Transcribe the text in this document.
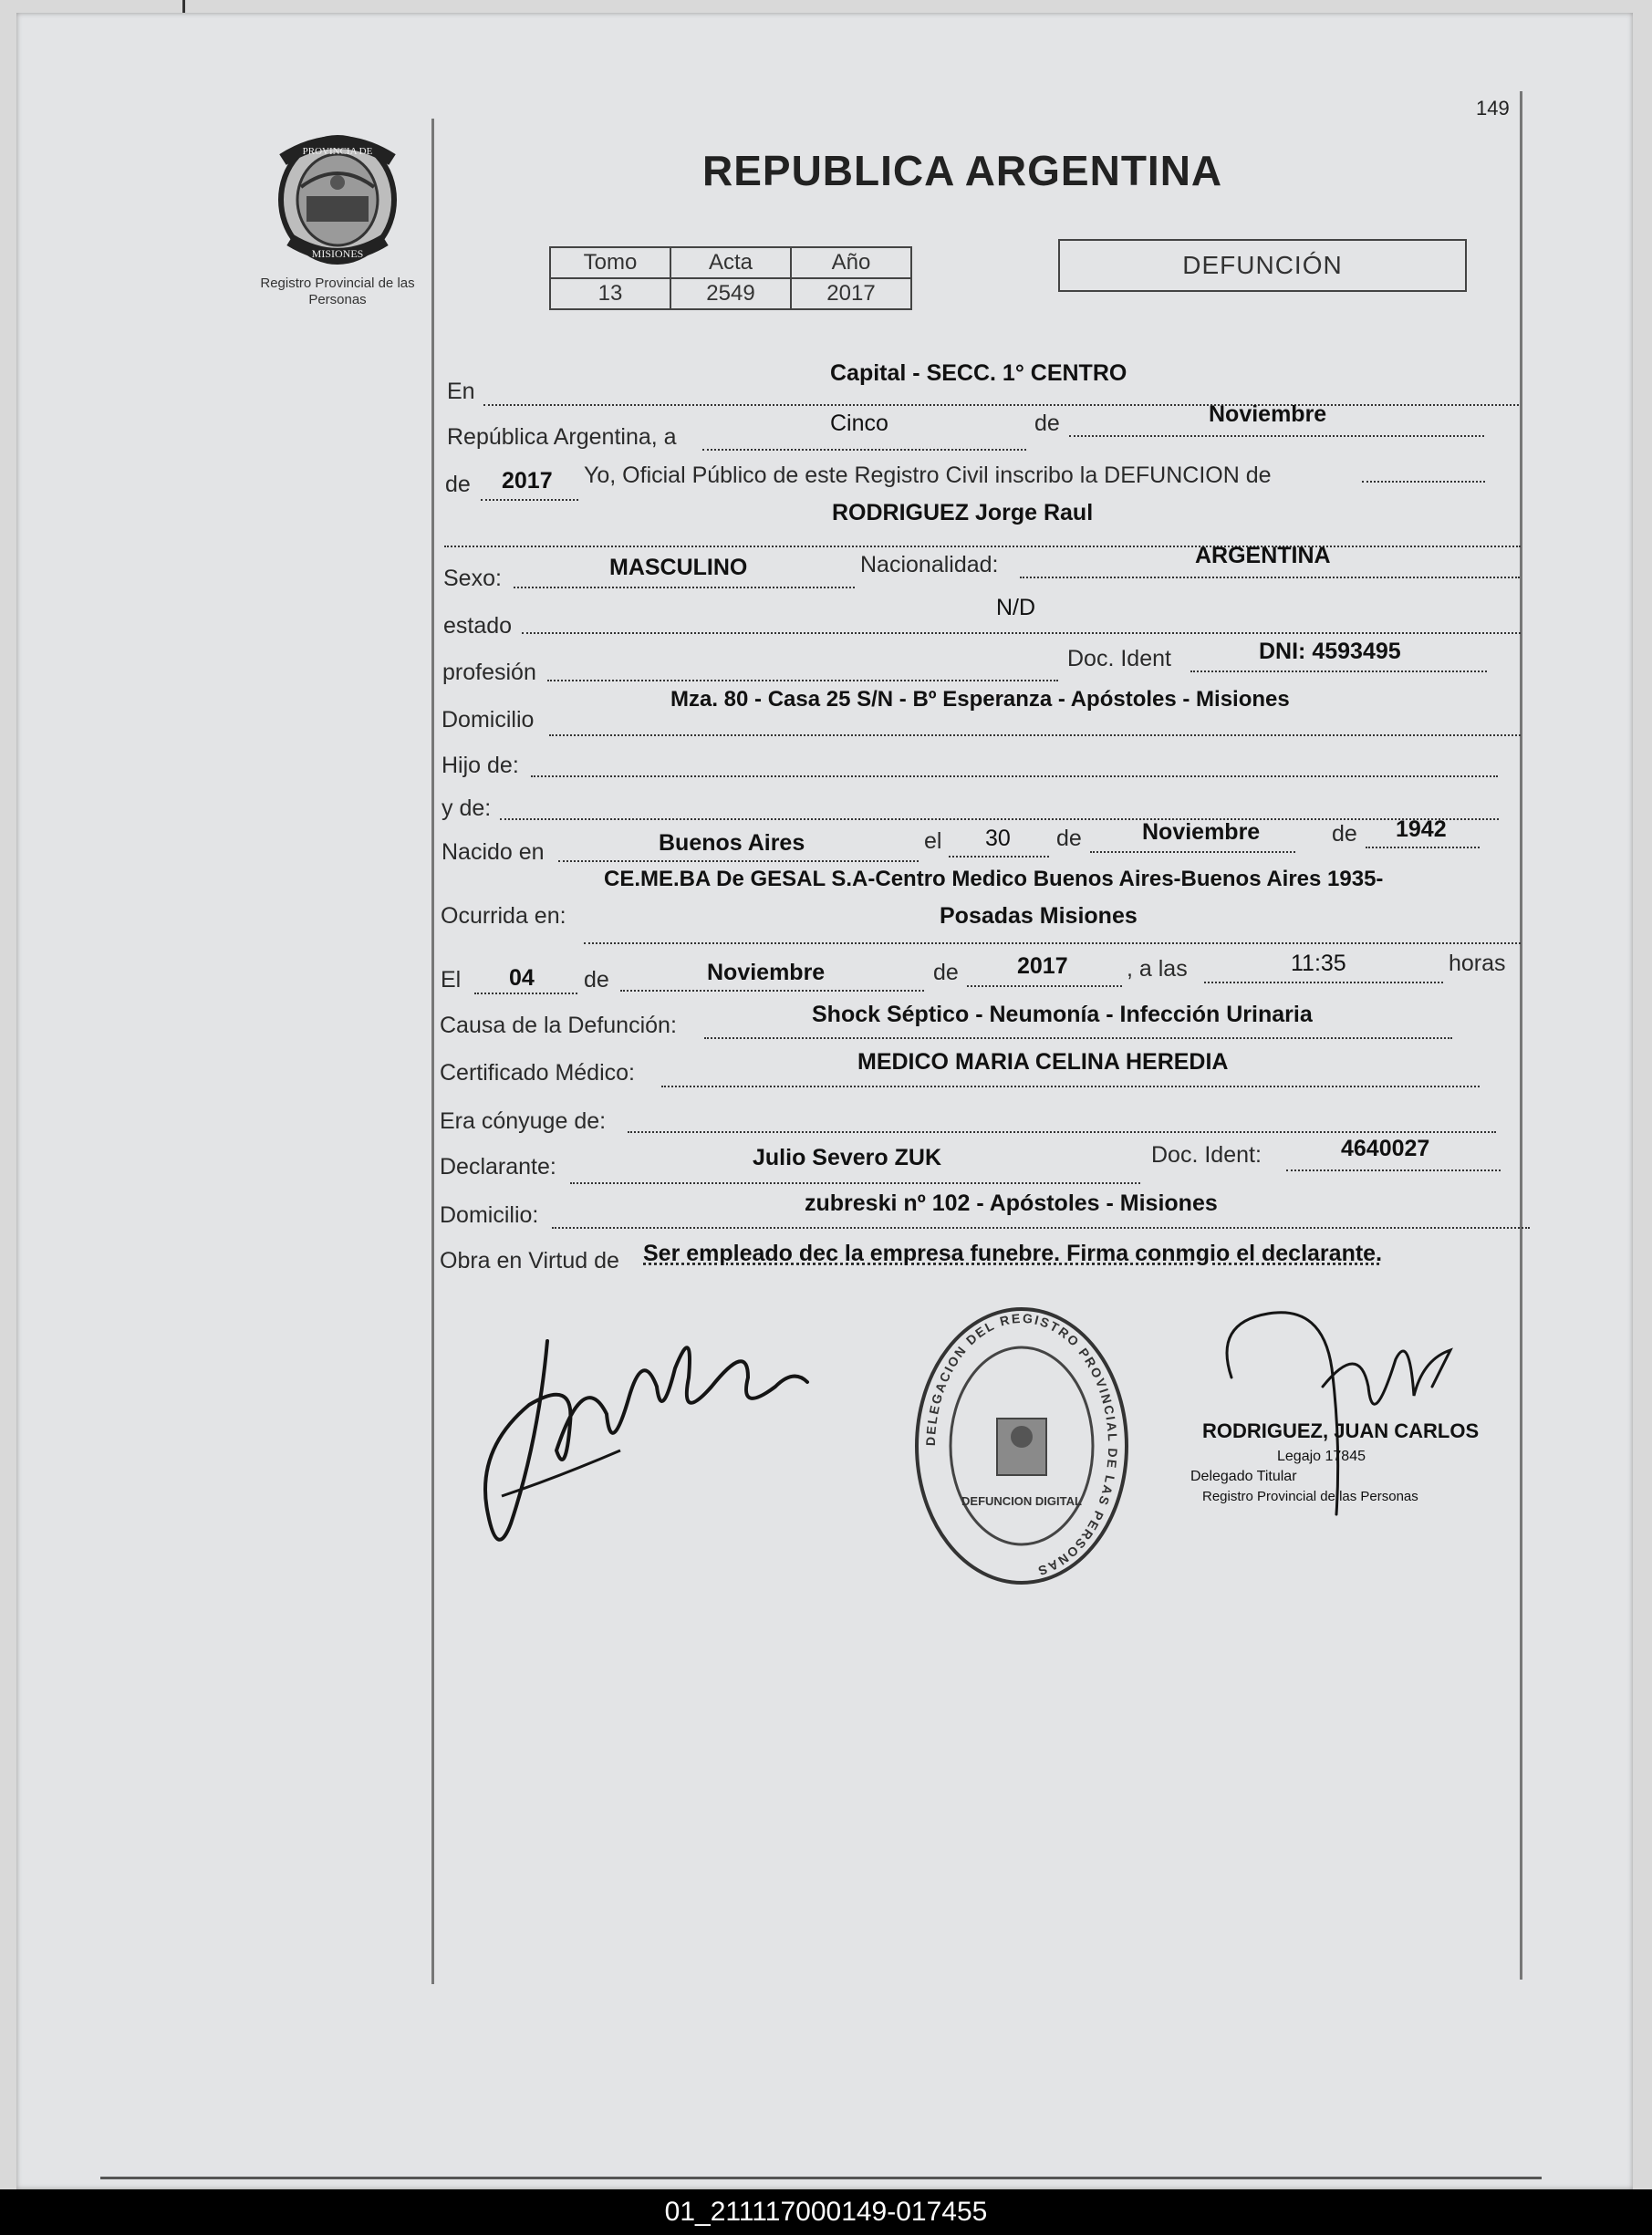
149
PROVINCIA DE
MISIONES
Registro Provincial de las Personas
REPUBLICA ARGENTINA
Tomo	Acta	Año
13	2549	2017
DEFUNCIÓN
En
Capital - SECC. 1° CENTRO
República Argentina, a
Cinco	de	Noviembre
de 2017 Yo, Oficial Público de este Registro Civil inscribo la DEFUNCION de
RODRIGUEZ Jorge Raul
Sexo:	MASCULINO	Nacionalidad:	ARGENTINA
estado
N/D
profesión
Doc. Ident	DNI: 4593495
Domicilio
Mza. 80 - Casa 25 S/N - Bº Esperanza - Apóstoles - Misiones
Hijo de:
y de:
Nacido en	Buenos Aires	el 30 de	Noviembre	de 1942
Ocurrida en:
CE.ME.BA De GESAL S.A-Centro Medico Buenos Aires-Buenos Aires 1935-
Posadas Misiones
El 04 de	Noviembre	de	2017	, a las	11:35	horas
Causa de la Defunción:	Shock Séptico - Neumonía - Infección Urinaria
Certificado Médico:	MEDICO MARIA CELINA HEREDIA
Era cónyuge de:
Declarante:	Julio Severo ZUK	Doc. Ident:	4640027
Domicilio:	zubreski nº 102 - Apóstoles - Misiones
Obra en Virtud de Ser empleado dec la empresa funebre. Firma conmgio el declarante.
DELEGACION DEL REGISTRO PROVINCIAL DE LAS PERSONAS
DEFUNCION DIGITAL
RODRIGUEZ, JUAN CARLOS
Legajo 17845
Delegado Titular
Registro Provincial de las Personas
01_211117000149-017455
